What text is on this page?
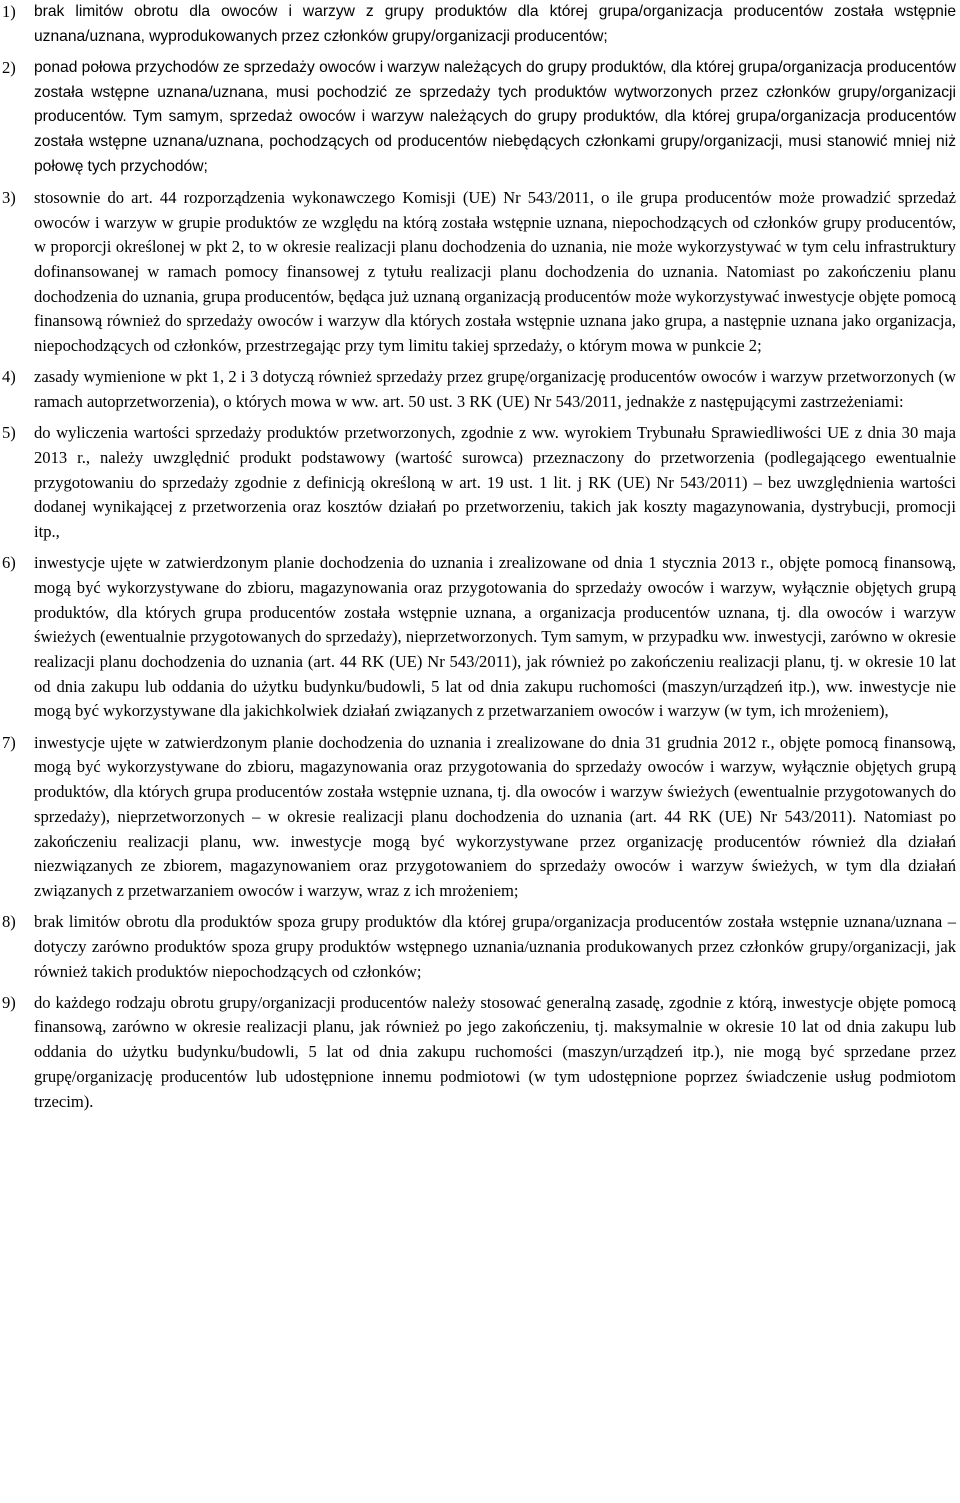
1)	brak limitów obrotu dla owoców i warzyw z grupy produktów dla której grupa/organizacja producentów została wstępnie uznana/uznana, wyprodukowanych przez członków grupy/organizacji producentów;
2)	ponad połowa przychodów ze sprzedaży owoców i warzyw należących do grupy produktów, dla której grupa/organizacja producentów została wstępne uznana/uznana, musi pochodzić ze sprzedaży tych produktów wytworzonych przez członków grupy/organizacji producentów. Tym samym, sprzedaż owoców i warzyw należących do grupy produktów, dla której grupa/organizacja producentów została wstępne uznana/uznana, pochodzących od producentów niebędących członkami grupy/organizacji, musi stanowić mniej niż połowę tych przychodów;
3)	stosownie do art. 44 rozporządzenia wykonawczego Komisji (UE) Nr 543/2011, o ile grupa producentów może prowadzić sprzedaż owoców i warzyw w grupie produktów ze względu na którą została wstępnie uznana, niepochodzących od członków grupy producentów, w proporcji określonej w pkt 2, to w okresie realizacji planu dochodzenia do uznania, nie może wykorzystywać w tym celu infrastruktury dofinansowanej w ramach pomocy finansowej z tytułu realizacji planu dochodzenia do uznania. Natomiast po zakończeniu planu dochodzenia do uznania, grupa producentów, będąca już uznaną organizacją producentów może wykorzystywać inwestycje objęte pomocą finansową również do sprzedaży owoców i warzyw dla których została wstępnie uznana jako grupa, a następnie uznana jako organizacja, niepochodzących od członków, przestrzegając przy tym limitu takiej sprzedaży, o którym mowa w punkcie 2;
4)	zasady wymienione w pkt 1, 2 i 3 dotyczą również sprzedaży przez grupę/organizację producentów owoców i warzyw przetworzonych (w ramach autoprzetworzenia), o których mowa w ww. art. 50 ust. 3 RK (UE) Nr 543/2011, jednakże z następującymi zastrzeżeniami:
5)	do wyliczenia wartości sprzedaży produktów przetworzonych, zgodnie z ww. wyrokiem Trybunału Sprawiedliwości UE z dnia 30 maja 2013 r., należy uwzględnić produkt podstawowy (wartość surowca) przeznaczony do przetworzenia (podlegającego ewentualnie przygotowaniu do sprzedaży zgodnie z definicją określoną w art. 19 ust. 1 lit. j RK (UE) Nr 543/2011) – bez uwzględnienia wartości dodanej wynikającej z przetworzenia oraz kosztów działań po przetworzeniu, takich jak koszty magazynowania, dystrybucji, promocji itp.,
6)	inwestycje ujęte w zatwierdzonym planie dochodzenia do uznania i zrealizowane od dnia 1 stycznia 2013 r., objęte pomocą finansową, mogą być wykorzystywane do zbioru, magazynowania oraz przygotowania do sprzedaży owoców i warzyw, wyłącznie objętych grupą produktów, dla których grupa producentów została wstępnie uznana, a organizacja producentów uznana, tj. dla owoców i warzyw świeżych (ewentualnie przygotowanych do sprzedaży), nieprzetworzonych. Tym samym, w przypadku ww. inwestycji, zarówno w okresie realizacji planu dochodzenia do uznania (art. 44 RK (UE) Nr 543/2011), jak również po zakończeniu realizacji planu, tj. w okresie 10 lat od dnia zakupu lub oddania do użytku budynku/budowli, 5 lat od dnia zakupu ruchomości (maszyn/urządzeń itp.), ww. inwestycje nie mogą być wykorzystywane dla jakichkolwiek działań związanych z przetwarzaniem owoców i warzyw (w tym, ich mrożeniem),
7)	inwestycje ujęte w zatwierdzonym planie dochodzenia do uznania i zrealizowane do dnia 31 grudnia 2012 r., objęte pomocą finansową, mogą być wykorzystywane do zbioru, magazynowania oraz przygotowania do sprzedaży owoców i warzyw, wyłącznie objętych grupą produktów, dla których grupa producentów została wstępnie uznana, tj. dla owoców i warzyw świeżych (ewentualnie przygotowanych do sprzedaży), nieprzetworzonych – w okresie realizacji planu dochodzenia do uznania (art. 44 RK (UE) Nr 543/2011). Natomiast po zakończeniu realizacji planu, ww. inwestycje mogą być wykorzystywane przez organizację producentów również dla działań niezwiązanych ze zbiorem, magazynowaniem oraz przygotowaniem do sprzedaży owoców i warzyw świeżych, w tym dla działań związanych z przetwarzaniem owoców i warzyw, wraz z ich mrożeniem;
8)	brak limitów obrotu dla produktów spoza grupy produktów dla której grupa/organizacja producentów została wstępnie uznana/uznana – dotyczy zarówno produktów spoza grupy produktów wstępnego uznania/uznania produkowanych przez członków grupy/organizacji, jak również takich produktów niepochodzących od członków;
9)	do każdego rodzaju obrotu grupy/organizacji producentów należy stosować generalną zasadę, zgodnie z którą, inwestycje objęte pomocą finansową, zarówno w okresie realizacji planu, jak również po jego zakończeniu, tj. maksymalnie w okresie 10 lat od dnia zakupu lub oddania do użytku budynku/budowli, 5 lat od dnia zakupu ruchomości (maszyn/urządzeń itp.), nie mogą być sprzedane przez grupę/organizację producentów lub udostępnione innemu podmiotowi (w tym udostępnione poprzez świadczenie usług podmiotom trzecim).
